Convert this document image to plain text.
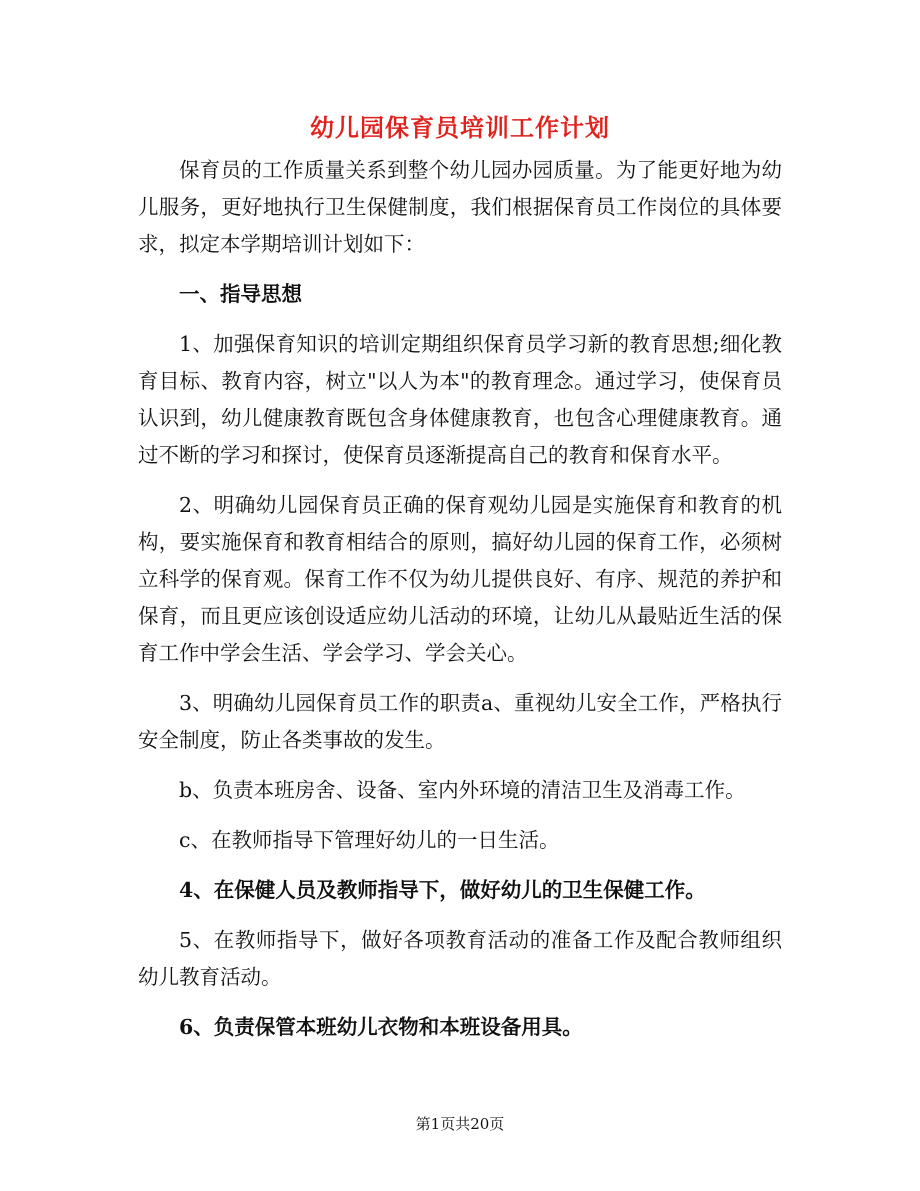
幼儿园保育员培训工作计划

保育员的工作质量关系到整个幼儿园办园质量。为了能更好地为幼儿服务，更好地执行卫生保健制度，我们根据保育员工作岗位的具体要求，拟定本学期培训计划如下：

一、指导思想

1、加强保育知识的培训定期组织保育员学习新的教育思想;细化教育目标、教育内容，树立"以人为本"的教育理念。通过学习，使保育员认识到，幼儿健康教育既包含身体健康教育，也包含心理健康教育。通过不断的学习和探讨，使保育员逐渐提高自己的教育和保育水平。

2、明确幼儿园保育员正确的保育观幼儿园是实施保育和教育的机构，要实施保育和教育相结合的原则，搞好幼儿园的保育工作，必须树立科学的保育观。保育工作不仅为幼儿提供良好、有序、规范的养护和保育，而且更应该创设适应幼儿活动的环境，让幼儿从最贴近生活的保育工作中学会生活、学会学习、学会关心。

3、明确幼儿园保育员工作的职责a、重视幼儿安全工作，严格执行安全制度，防止各类事故的发生。

b、负责本班房舍、设备、室内外环境的清洁卫生及消毒工作。

c、在教师指导下管理好幼儿的一日生活。

4、在保健人员及教师指导下，做好幼儿的卫生保健工作。

5、在教师指导下，做好各项教育活动的准备工作及配合教师组织幼儿教育活动。

6、负责保管本班幼儿衣物和本班设备用具。

第1页共20页
